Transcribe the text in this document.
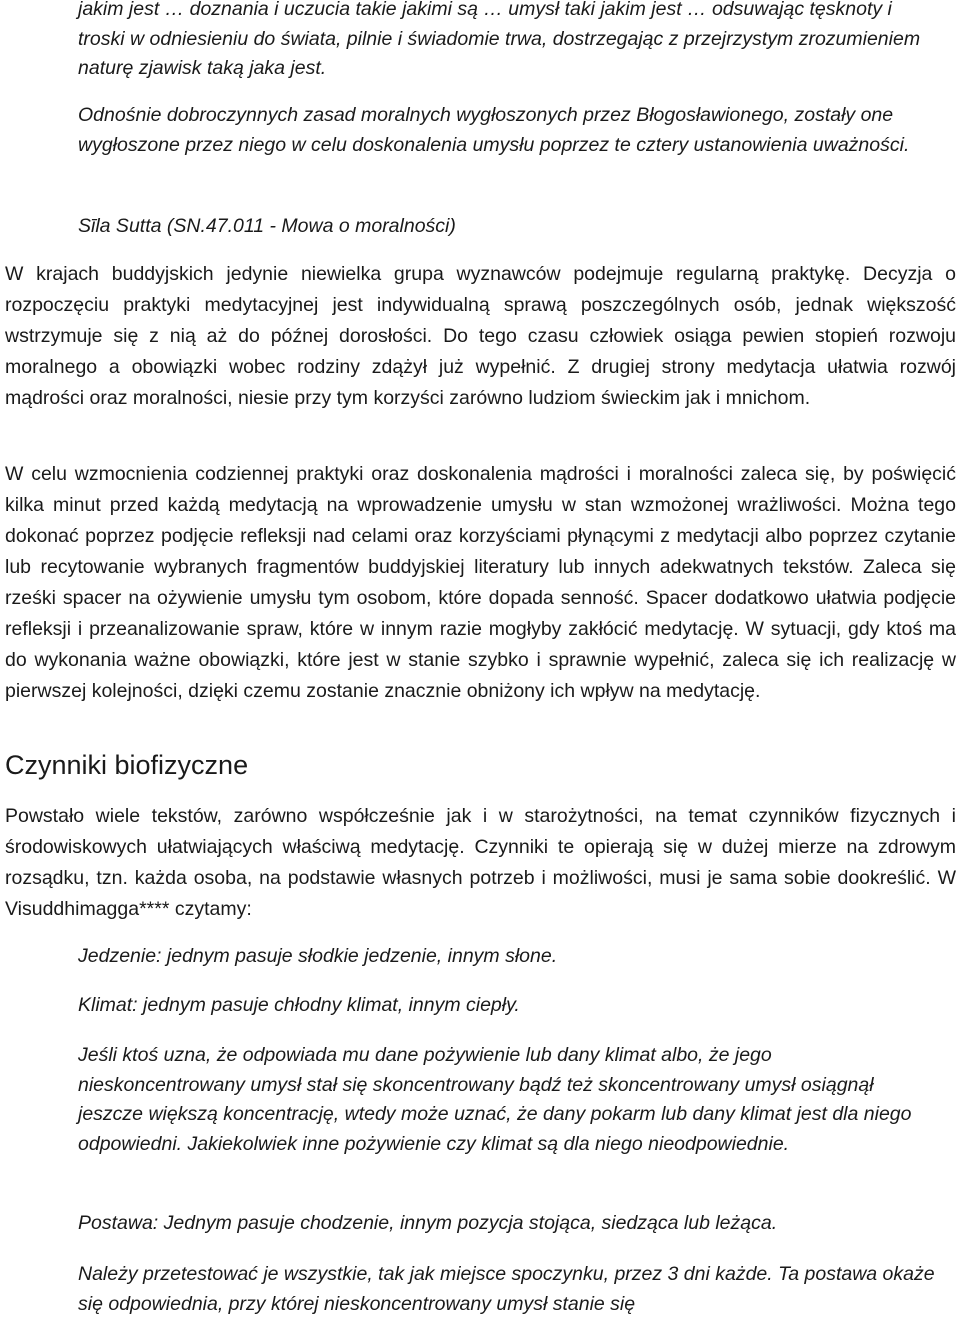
jakim jest … doznania i uczucia takie jakimi są … umysł taki jakim jest … odsuwając tęsknoty i troski w odniesieniu do świata, pilnie i świadomie trwa, dostrzegając z przejrzystym zrozumieniem naturę zjawisk taką jaka jest.

Odnośnie dobroczynnych zasad moralnych wygłoszonych przez Błogosławionego, zostały one wygłoszone przez niego w celu doskonalenia umysłu poprzez te cztery ustanowienia uważności.

Sīla Sutta (SN.47.011 - Mowa o moralności)

W krajach buddyjskich jedynie niewielka grupa wyznawców podejmuje regularną praktykę. Decyzja o rozpoczęciu praktyki medytacyjnej jest indywidualną sprawą poszczególnych osób, jednak większość wstrzymuje się z nią aż do późnej dorosłości. Do tego czasu człowiek osiąga pewien stopień rozwoju moralnego a obowiązki wobec rodziny zdążył już wypełnić. Z drugiej strony medytacja ułatwia rozwój mądrości oraz moralności, niesie przy tym korzyści zarówno ludziom świeckim jak i mnichom.

W celu wzmocnienia codziennej praktyki oraz doskonalenia mądrości i moralności zaleca się, by poświęcić kilka minut przed każdą medytacją na wprowadzenie umysłu w stan wzmożonej wrażliwości. Można tego dokonać poprzez podjęcie refleksji nad celami oraz korzyściami płynącymi z medytacji albo poprzez czytanie lub recytowanie wybranych fragmentów buddyjskiej literatury lub innych adekwatnych tekstów. Zaleca się rześki spacer na ożywienie umysłu tym osobom, które dopada senność. Spacer dodatkowo ułatwia podjęcie refleksji i przeanalizowanie spraw, które w innym razie mogłyby zakłócić medytację. W sytuacji, gdy ktoś ma do wykonania ważne obowiązki, które jest w stanie szybko i sprawnie wypełnić, zaleca się ich realizację w pierwszej kolejności, dzięki czemu zostanie znacznie obniżony ich wpływ na medytację.

Czynniki biofizyczne

Powstało wiele tekstów, zarówno współcześnie jak i w starożytności, na temat czynników fizycznych i środowiskowych ułatwiających właściwą medytację. Czynniki te opierają się w dużej mierze na zdrowym rozsądku, tzn. każda osoba, na podstawie własnych potrzeb i możliwości, musi je sama sobie dookreślić. W Visuddhimagga**** czytamy:

Jedzenie: jednym pasuje słodkie jedzenie, innym słone.

Klimat: jednym pasuje chłodny klimat, innym ciepły.

Jeśli ktoś uzna, że odpowiada mu dane pożywienie lub dany klimat albo, że jego nieskoncentrowany umysł stał się skoncentrowany bądź też skoncentrowany umysł osiągnął jeszcze większą koncentrację, wtedy może uznać, że dany pokarm lub dany klimat jest dla niego odpowiedni. Jakiekolwiek inne pożywienie czy klimat są dla niego nieodpowiednie.

Postawa: Jednym pasuje chodzenie, innym pozycja stojąca, siedząca lub leżąca.

Należy przetestować je wszystkie, tak jak miejsce spoczynku, przez 3 dni każde. Ta postawa okaże się odpowiednia, przy której nieskoncentrowany umysł stanie się
